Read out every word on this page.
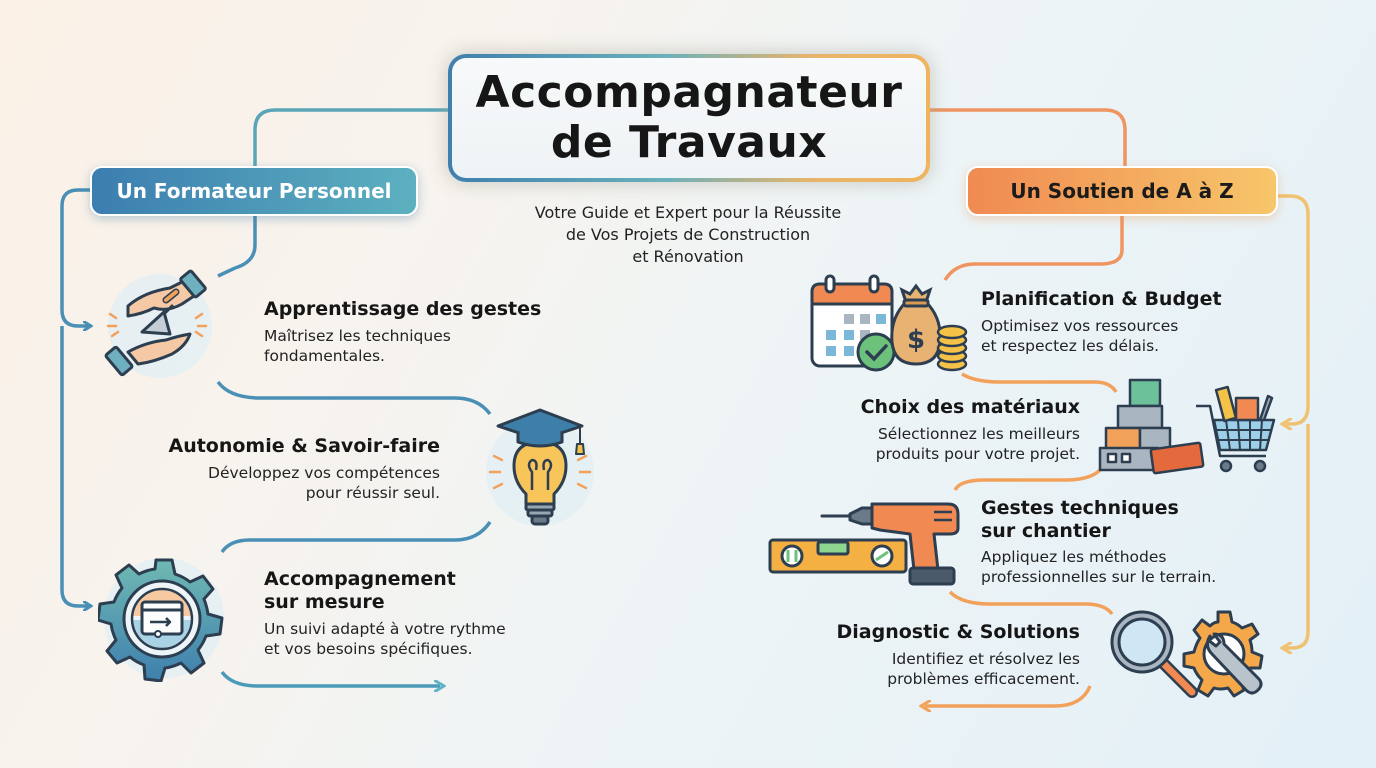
Accompagnateur
de Travaux
Votre Guide et Expert pour la Réussite
de Vos Projets de Construction
et Rénovation
Un Formateur Personnel	Un Soutien de A à Z
Apprentissage des gestes
Maîtrisez les techniques
fondamentales.
Autonomie & Savoir-faire
Développez vos compétences
pour réussir seul.
Accompagnement
sur mesure
Un suivi adapté à votre rythme
et vos besoins spécifiques.
$
Planification & Budget
Optimisez vos ressources
et respectez les délais.
Choix des matériaux
Sélectionnez les meilleurs
produits pour votre projet.
Gestes techniques
sur chantier
Appliquez les méthodes
professionnelles sur le terrain.
Diagnostic & Solutions
Identifiez et résolvez les
problèmes efficacement.
